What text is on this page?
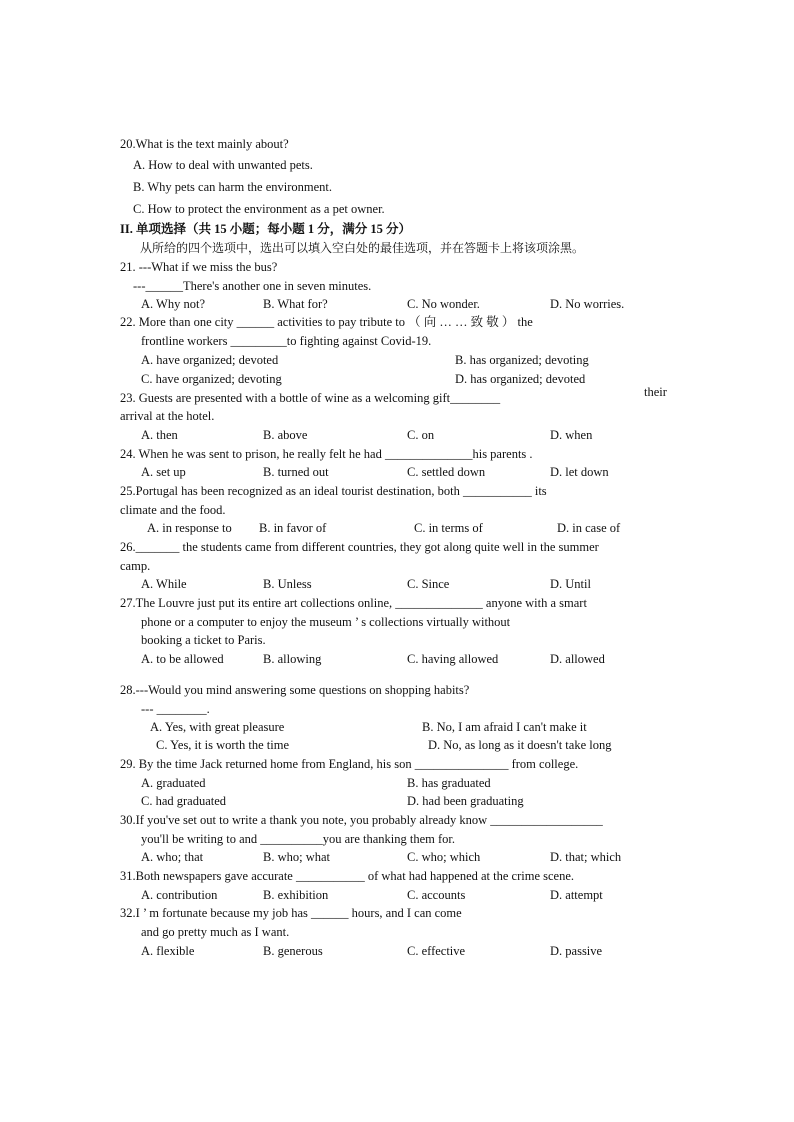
20.What is the text mainly about?
A. How to deal with unwanted pets.
B. Why pets can harm the environment.
C. How to protect the environment as a pet owner.
II. 单项选择（共 15 小题；每小题 1 分，满分 15 分）
从所给的四个选项中，选出可以填入空白处的最佳选项，并在答题卡上将该项涂黑。
21. ---What if we miss the bus?
---______There's another one in seven minutes.
A. Why not?	B. What for?	C. No wonder.	D. No worries.
22. More than one city ______ activities to pay tribute to （ 向 … … 致 敬 ） the
frontline workers _________to fighting against Covid-19.
A. have organized; devoted	B. has organized; devoting
C. have organized; devoting	D. has organized; devoted
23. Guests are presented with a bottle of wine as a welcoming gift________	their
arrival at the hotel.
A. then	B. above	C. on	D. when
24. When he was sent to prison, he really felt he had ______________his parents .
A. set up	B. turned out	C. settled down	D. let down
25.Portugal has been recognized as an ideal tourist destination, both ___________ its
climate and the food.
A. in response to B. in favor of	C. in terms of	D. in case of
26._______ the students came from different countries, they got along quite well in the summer
camp.
A. While	B. Unless	C. Since	D. Until
27.The Louvre just put its entire art collections online, ______________ anyone with a smart
phone or a computer to enjoy the museum ’ s collections virtually without
booking a ticket to Paris.
A. to be allowed	B. allowing	C. having allowed	D. allowed
28.---Would you mind answering some questions on shopping habits?
--- ________.
A. Yes, with great pleasure	B. No, I am afraid I can't make it
C. Yes, it is worth the time	D. No, as long as it doesn't take long
29. By the time Jack returned home from England, his son _______________ from college.
A. graduated	B. has graduated
C. had graduated	D. had been graduating
30.If you've set out to write a thank you note, you probably already know __________________
you'll be writing to and __________you are thanking them for.
A. who; that	B. who; what	C. who; which	D. that; which
31.Both newspapers gave accurate ___________ of what had happened at the crime scene.
A. contribution	B. exhibition	C. accounts	D. attempt
32.I ’ m fortunate because my job has ______ hours, and I can come
and go pretty much as I want.
A. flexible	B. generous	C. effective	D. passive
